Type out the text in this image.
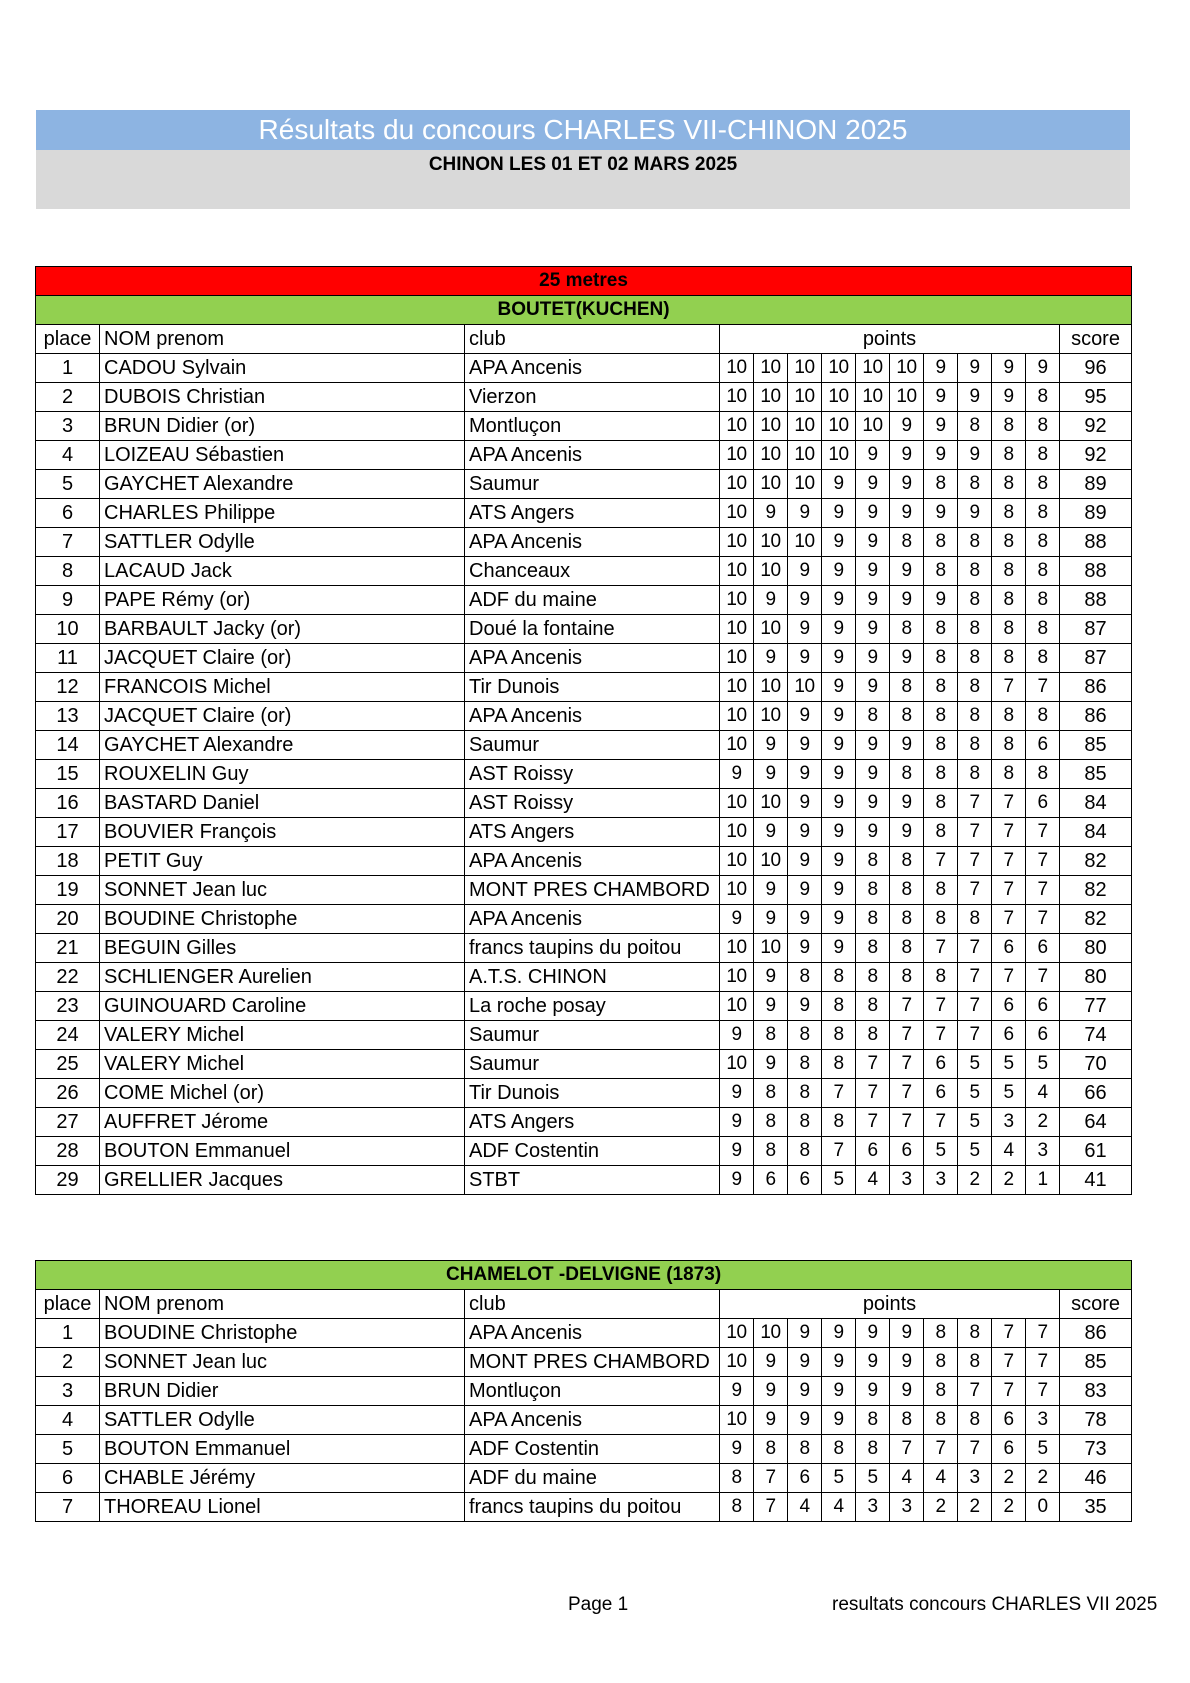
Résultats du concours CHARLES VII-CHINON 2025
CHINON LES 01 ET 02 MARS 2025
25 metres													
BOUTET(KUCHEN)													
place	NOM prenom	club	points										score
1	CADOU Sylvain	APA Ancenis	10	10	10	10	10	10	9	9	9	9	96
2	DUBOIS Christian	Vierzon	10	10	10	10	10	10	9	9	9	8	95
3	BRUN Didier (or)	Montluçon	10	10	10	10	10	9	9	8	8	8	92
4	LOIZEAU Sébastien	APA Ancenis	10	10	10	10	9	9	9	9	8	8	92
5	GAYCHET Alexandre	Saumur	10	10	10	9	9	9	8	8	8	8	89
6	CHARLES Philippe	ATS Angers	10	9	9	9	9	9	9	9	8	8	89
7	SATTLER Odylle	APA Ancenis	10	10	10	9	9	8	8	8	8	8	88
8	LACAUD Jack	Chanceaux	10	10	9	9	9	9	8	8	8	8	88
9	PAPE Rémy (or)	ADF du maine	10	9	9	9	9	9	9	8	8	8	88
10	BARBAULT Jacky (or)	Doué la fontaine	10	10	9	9	9	8	8	8	8	8	87
11	JACQUET Claire (or)	APA Ancenis	10	9	9	9	9	9	8	8	8	8	87
12	FRANCOIS Michel	Tir Dunois	10	10	10	9	9	8	8	8	7	7	86
13	JACQUET Claire (or)	APA Ancenis	10	10	9	9	8	8	8	8	8	8	86
14	GAYCHET Alexandre	Saumur	10	9	9	9	9	9	8	8	8	6	85
15	ROUXELIN Guy	AST Roissy	9	9	9	9	9	8	8	8	8	8	85
16	BASTARD Daniel	AST Roissy	10	10	9	9	9	9	8	7	7	6	84
17	BOUVIER François	ATS Angers	10	9	9	9	9	9	8	7	7	7	84
18	PETIT Guy	APA Ancenis	10	10	9	9	8	8	7	7	7	7	82
19	SONNET Jean luc	MONT PRES CHAMBORD	10	9	9	9	8	8	8	7	7	7	82
20	BOUDINE Christophe	APA Ancenis	9	9	9	9	8	8	8	8	7	7	82
21	BEGUIN Gilles	francs taupins du poitou	10	10	9	9	8	8	7	7	6	6	80
22	SCHLIENGER Aurelien	A.T.S. CHINON	10	9	8	8	8	8	8	7	7	7	80
23	GUINOUARD Caroline	La roche posay	10	9	9	8	8	7	7	7	6	6	77
24	VALERY Michel	Saumur	9	8	8	8	8	7	7	7	6	6	74
25	VALERY Michel	Saumur	10	9	8	8	7	7	6	5	5	5	70
26	COME Michel (or)	Tir Dunois	9	8	8	7	7	7	6	5	5	4	66
27	AUFFRET Jérome	ATS Angers	9	8	8	8	7	7	7	5	3	2	64
28	BOUTON Emmanuel	ADF Costentin	9	8	8	7	6	6	5	5	4	3	61
29	GRELLIER Jacques	STBT	9	6	6	5	4	3	3	2	2	1	41
CHAMELOT -DELVIGNE (1873)													
place	NOM prenom	club	points										score
1	BOUDINE Christophe	APA Ancenis	10	10	9	9	9	9	8	8	7	7	86
2	SONNET Jean luc	MONT PRES CHAMBORD	10	9	9	9	9	9	8	8	7	7	85
3	BRUN Didier	Montluçon	9	9	9	9	9	9	8	7	7	7	83
4	SATTLER Odylle	APA Ancenis	10	9	9	9	8	8	8	8	6	3	78
5	BOUTON Emmanuel	ADF Costentin	9	8	8	8	8	7	7	7	6	5	73
6	CHABLE Jérémy	ADF du maine	8	7	6	5	5	4	4	3	2	2	46
7	THOREAU Lionel	francs taupins du poitou	8	7	4	4	3	3	2	2	2	0	35
Page 1	resultats concours CHARLES VII 2025
